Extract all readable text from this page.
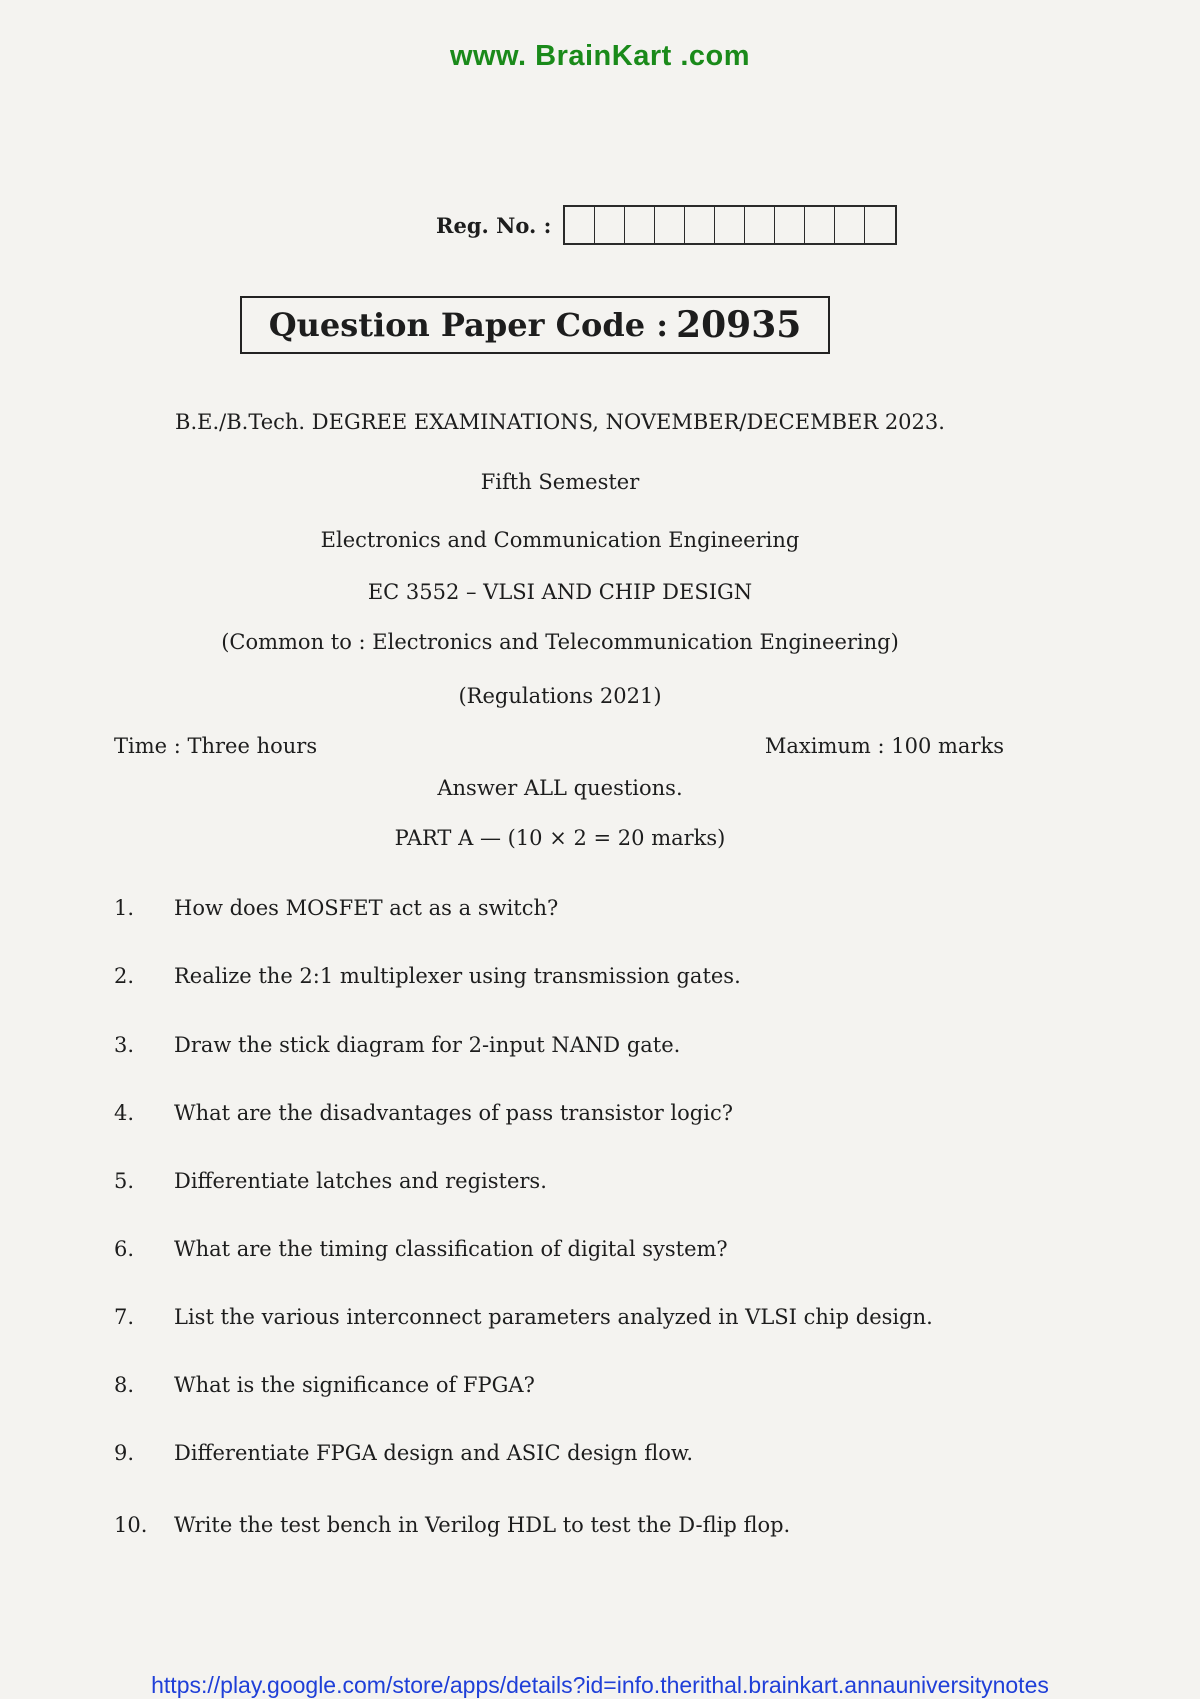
www. BrainKart .com
Reg. No. :
Question Paper Code : 20935
B.E./B.Tech. DEGREE EXAMINATIONS, NOVEMBER/DECEMBER 2023.
Fifth Semester
Electronics and Communication Engineering
EC 3552 – VLSI AND CHIP DESIGN
(Common to : Electronics and Telecommunication Engineering)
(Regulations 2021)
Time : Three hours	Maximum : 100 marks
Answer ALL questions.
PART A — (10 × 2 = 20 marks)
1.	How does MOSFET act as a switch?
2.	Realize the 2:1 multiplexer using transmission gates.
3.	Draw the stick diagram for 2-input NAND gate.
4.	What are the disadvantages of pass transistor logic?
5.	Differentiate latches and registers.
6.	What are the timing classification of digital system?
7.	List the various interconnect parameters analyzed in VLSI chip design.
8.	What is the significance of FPGA?
9.	Differentiate FPGA design and ASIC design flow.
10.	Write the test bench in Verilog HDL to test the D-flip flop.
https://play.google.com/store/apps/details?id=info.therithal.brainkart.annauniversitynotes
